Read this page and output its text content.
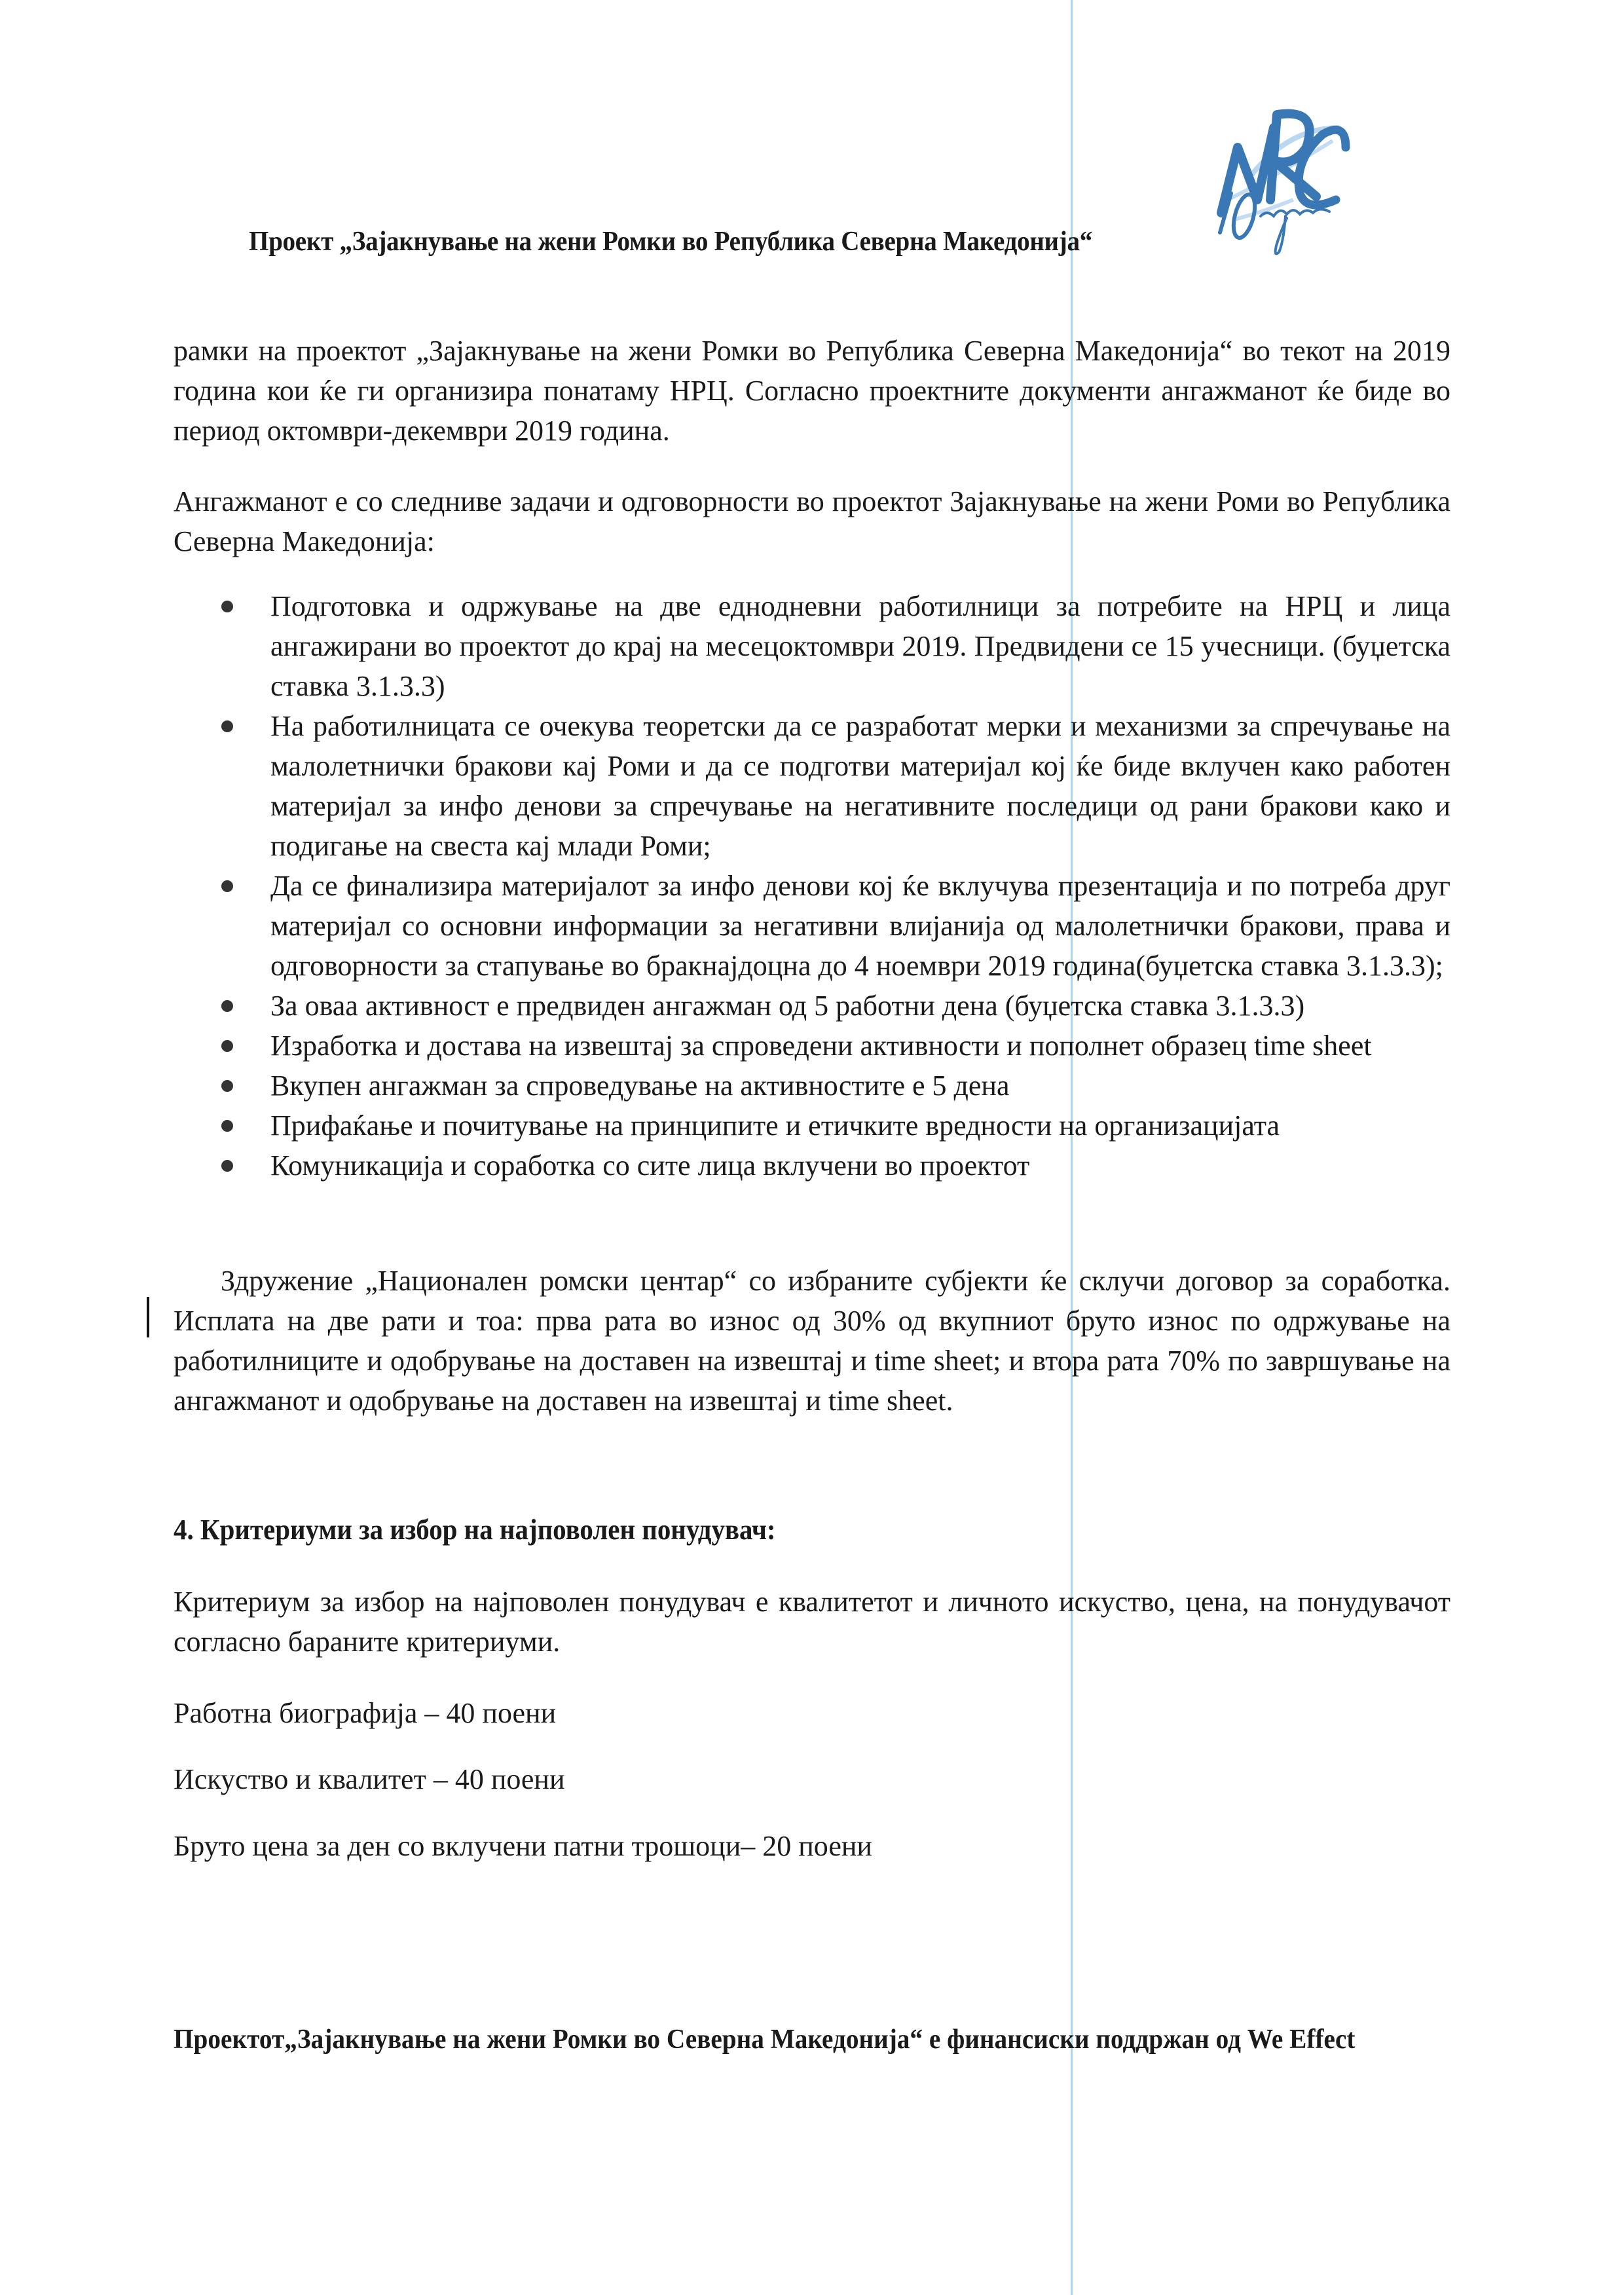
Проект „Зајакнување на жени Ромки во Република Северна Македонија“

рамки на проектот „Зајакнување на жени Ромки во Република Северна Македонија“ во текот на 2019 година кои ќе ги организира понатаму НРЦ. Согласно проектните документи ангажманот ќе биде во период октомври-декември 2019 година.

Ангажманот е со следниве задачи и одговорности во проектот Зајакнување на жени Роми во Република Северна Македонија:

Подготовка и одржување на две еднодневни работилници за потребите на НРЦ и лица ангажирани во проектот до крај на месецоктомври 2019. Предвидени се 15 учесници. (буџетска ставка 3.1.3.3)
На работилницата се очекува теоретски да се разработат мерки и механизми за спречување на малолетнички бракови кај Роми и да се подготви материјал кој ќе биде вклучен како работен материјал за инфо денови за спречување на негативните последици од рани бракови како и подигање на свеста кај млади Роми;
Да се финализира материјалот за инфо денови кој ќе вклучува презентација и по потреба друг материјал со основни информации за негативни влијанија од малолетнички бракови, права и одговорности за стапување во бракнајдоцна до 4 ноември 2019 година(буџетска ставка 3.1.3.3);
За оваа активност е предвиден ангажман од 5 работни дена (буџетска ставка 3.1.3.3)
Изработка и достава на извештај за спроведени активности и пополнет образец time sheet
Вкупен ангажман за спроведување на активностите е 5 дена
Прифаќање и почитување на принципите и етичките вредности на организацијата
Комуникација и соработка со сите лица вклучени во проектот

Здружение „Национален ромски центар“ со избраните субјекти ќе склучи договор за соработка. Исплата на две рати и тоа: прва рата во износ од 30% од вкупниот бруто износ по одржување на работилниците и одобрување на доставен на извештај и time sheet; и втора рата 70% по завршување на ангажманот и одобрување на доставен на извештај и time sheet.

4. Критериуми за избор на најповолен понудувач:

Критериум за избор на најповолен понудувач е квалитетот и личното искуство, цена, на понудувачот согласно бараните критериуми.

Работна биографија – 40 поени
Искуство и квалитет – 40 поени
Бруто цена за ден со вклучени патни трошоци– 20 поени
Проектот„Зајакнување на жени Ромки во Северна Македонија“ е финансиски поддржан од We Effect
